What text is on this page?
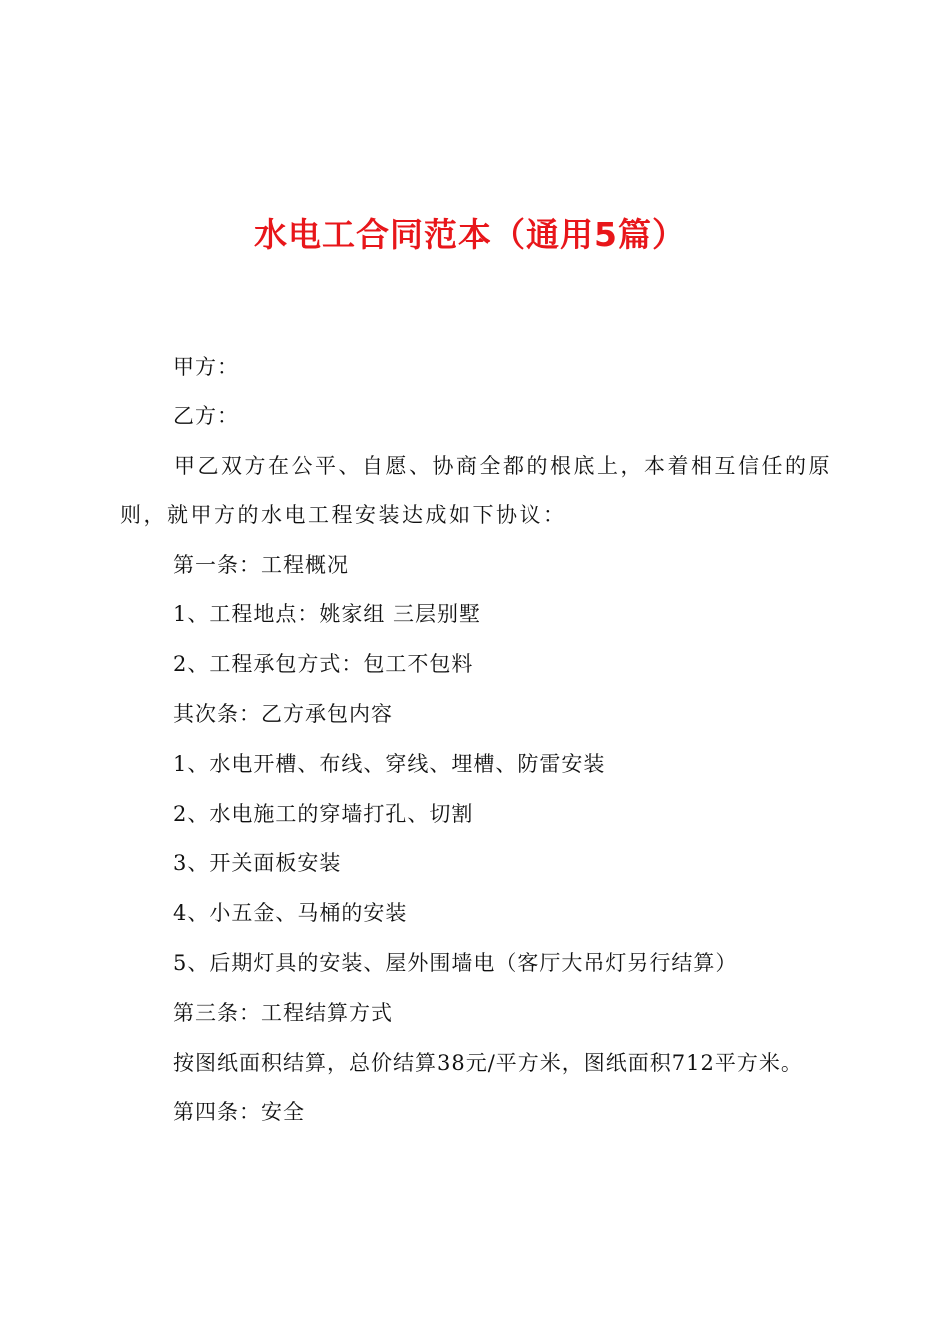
水电工合同范本（通用5篇）
甲方：
乙方：
甲乙双方在公平、自愿、协商全都的根底上，本着相互信任的原则，就甲方的水电工程安装达成如下协议：
第一条：工程概况
1、工程地点：姚家组 三层别墅
2、工程承包方式：包工不包料
其次条：乙方承包内容
1、水电开槽、布线、穿线、埋槽、防雷安装
2、水电施工的穿墙打孔、切割
3、开关面板安装
4、小五金、马桶的安装
5、后期灯具的安装、屋外围墙电（客厅大吊灯另行结算）
第三条：工程结算方式
按图纸面积结算，总价结算38元/平方米，图纸面积712平方米。
第四条：安全
